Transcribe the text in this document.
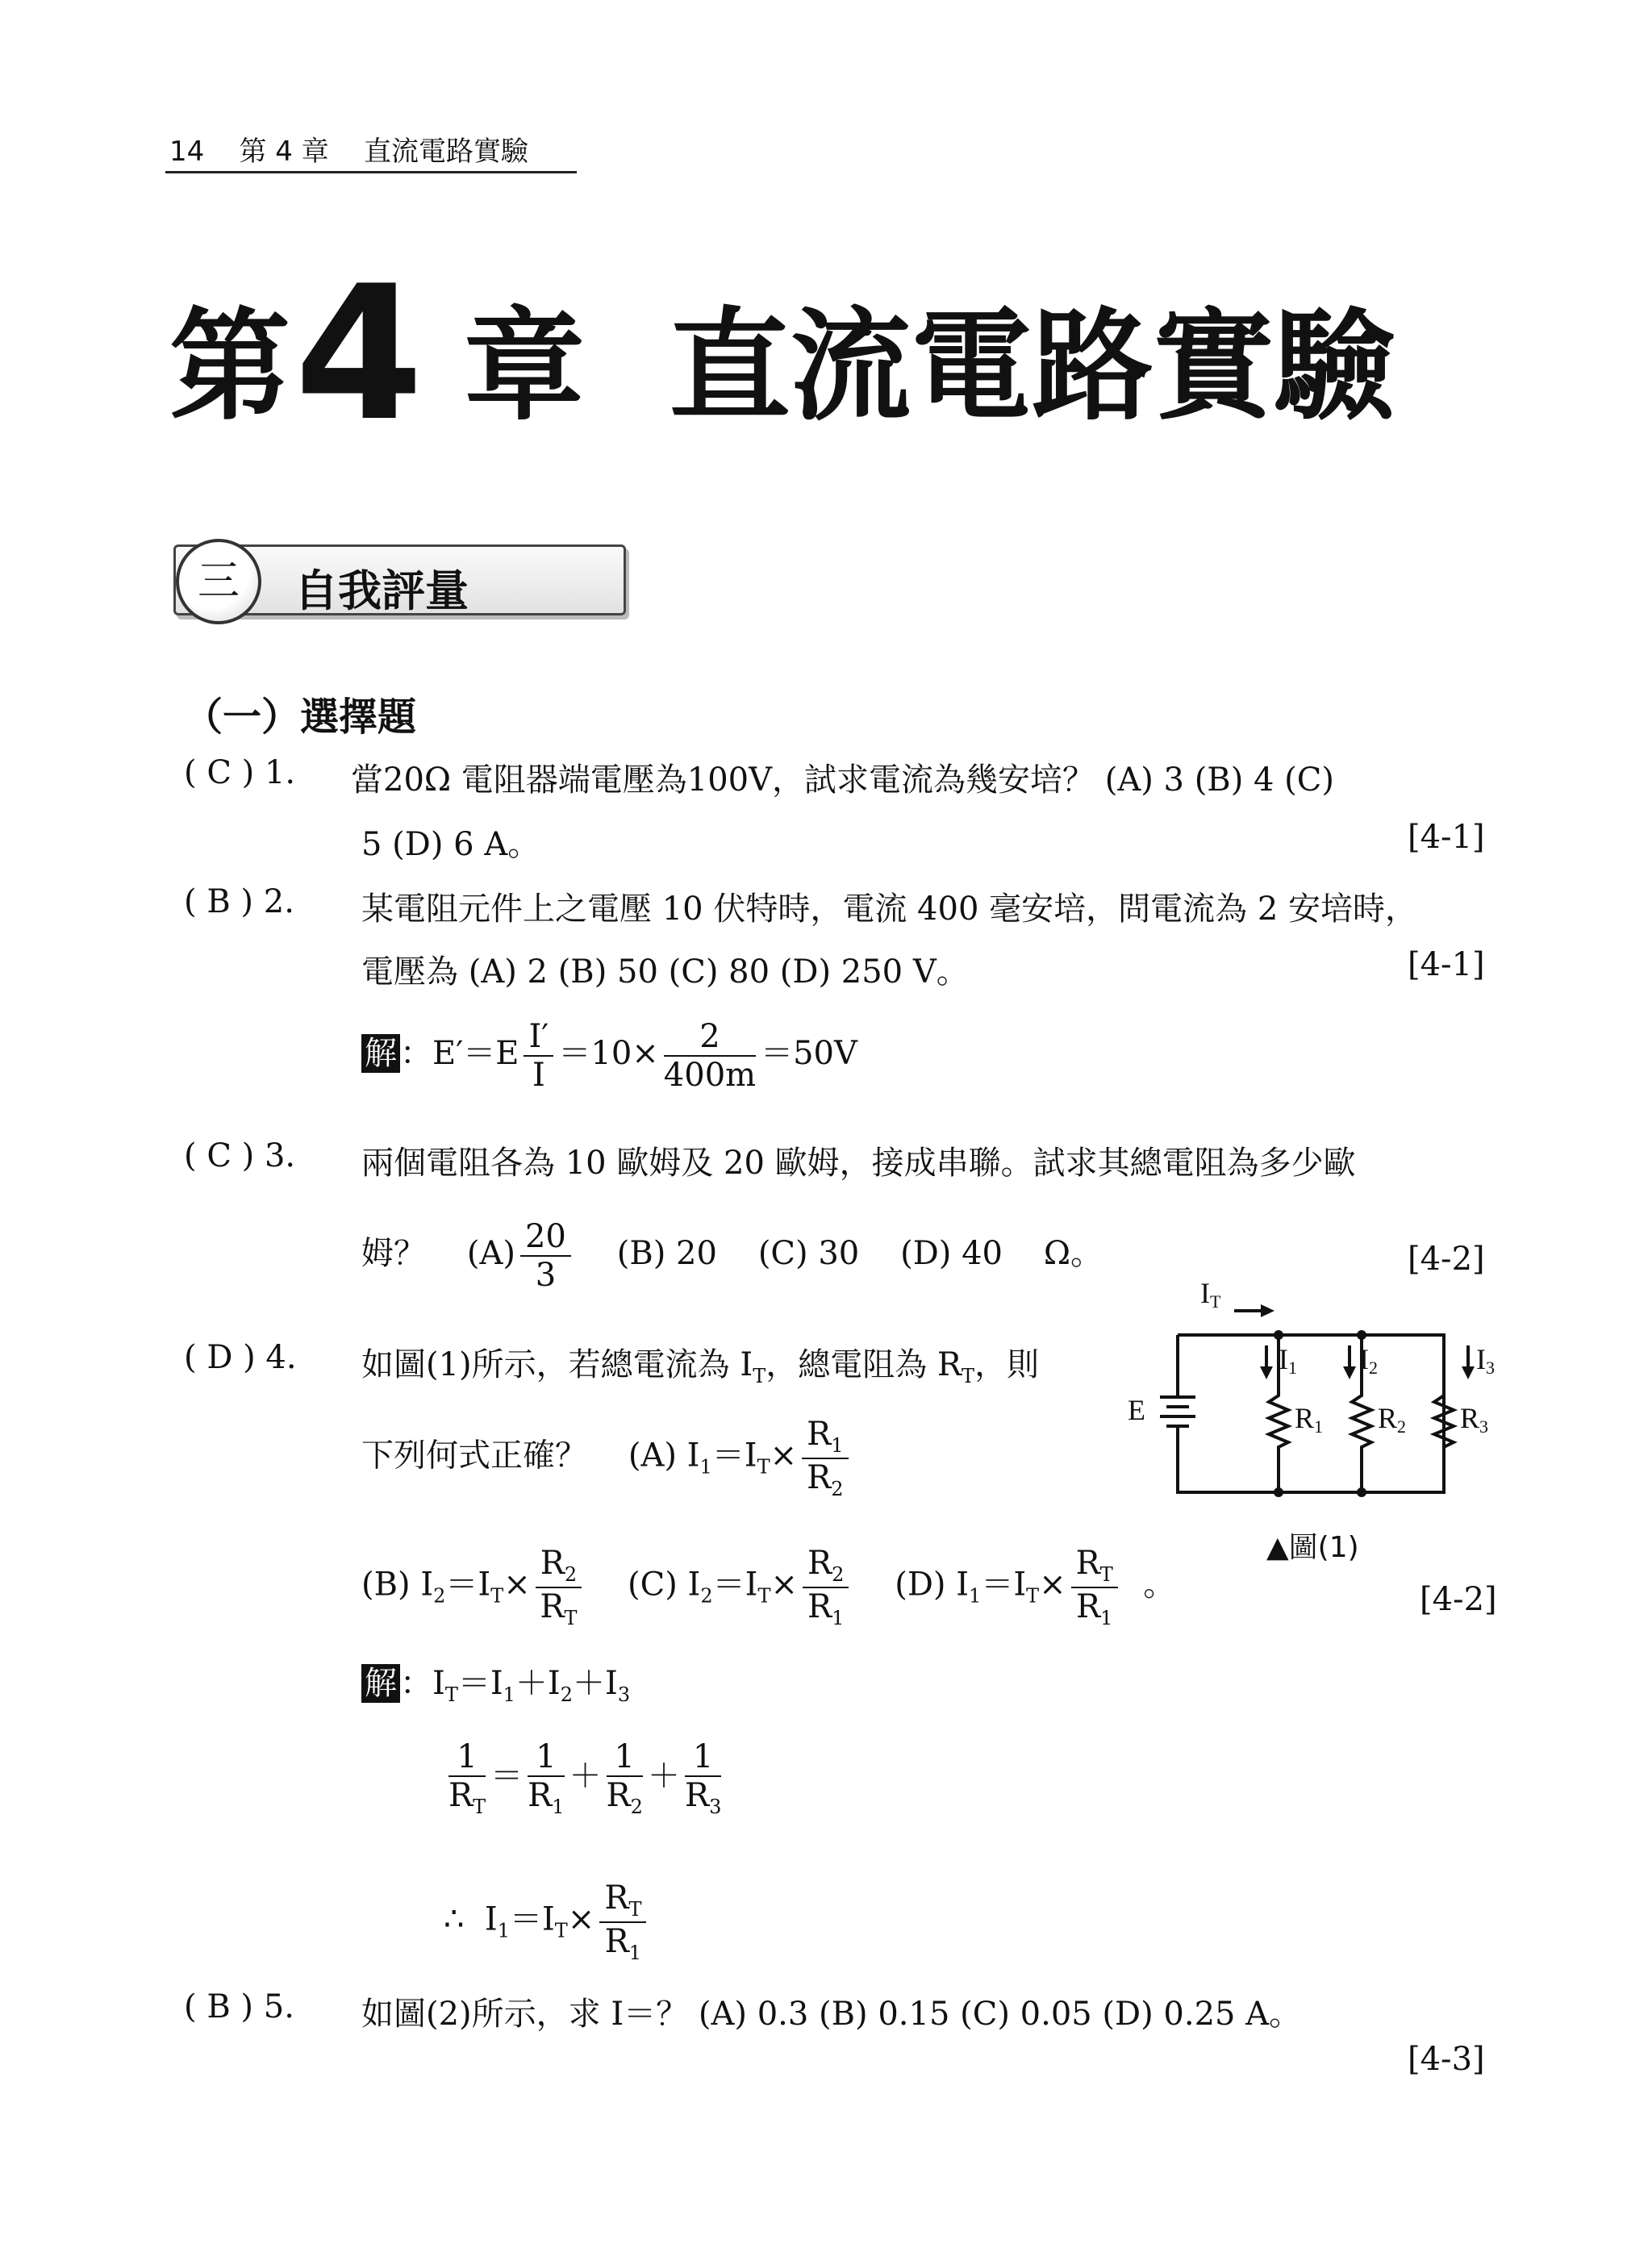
14 第 4 章 直流電路實驗
第 4 章  直流電路實驗
三	自我評量
（一）選擇題
( C ) 1. 當20Ω 電阻器端電壓為100V，試求電流為幾安培？ (A) 3 (B) 4 (C)
5 (D) 6 A。	[4-1]
( B ) 2. 某電阻元件上之電壓 10 伏特時，電流 400 毫安培，問電流為 2 安培時，
電壓為 (A) 2 (B) 50 (C) 80 (D) 250 V。	[4-1]
解 ：$E'=E \frac{I'}{I} =10\times \frac{2}{400m} =50V$
( C ) 3. 兩個電阻各為 10 歐姆及 20 歐姆，接成串聯。試求其總電阻為多少歐
姆？    $(A) \frac{20}{3} (B)$ 20    (C) 30    (D) 40    Ω。	[4-2]
( D ) 4. 如圖(1)所示，若總電流為 $I_T$，總電阻為 $R_T$，則
下列何式正確？    (A) $I_1=I_T\times \frac{R_1}{R_2}$
(B) $I_2=I_T\times \frac{R_2}{R_T} (C)$ $I_2=I_T\times \frac{R_2}{R_1} (D)$ $I_1=I_T\times \frac{R_T}{R_1}$ 。	[4-2]
解 ：$I_T=I_1+I_2+I_3$
$\frac{1}{R_T} = \frac{1}{R_1} + \frac{1}{R_2} + \frac{1}{R_3}$
∴  $I_1=I_T\times \frac{R_T}{R_1}$
( B ) 5. 如圖(2)所示，求 I＝？ (A) 0.3 (B) 0.15 (C) 0.05 (D) 0.25 A。
[4-3]
E
IT
I1 I2	I3
R1 R2 R3
▲圖(1)
